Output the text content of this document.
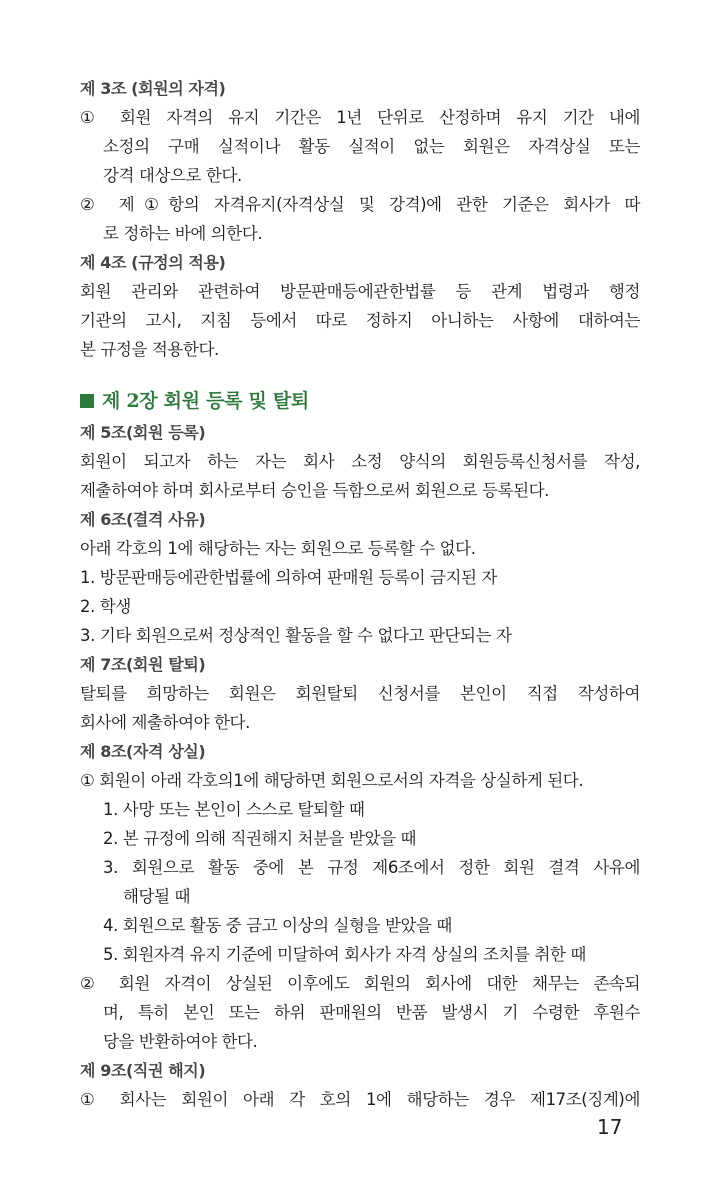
제 3조 (회원의 자격)
① 회원 자격의 유지 기간은 1년 단위로 산정하며 유지 기간 내에
소정의 구매 실적이나 활동 실적이 없는 회원은 자격상실 또는
강격 대상으로 한다.
② 제①항의 자격유지(자격상실 및 강격)에 관한 기준은 회사가 따
로 정하는 바에 의한다.
제 4조 (규정의 적용)
회원 관리와 관련하여 방문판매등에관한법률 등 관계 법령과 행정
기관의 고시, 지침 등에서 따로 정하지 아니하는 사항에 대하여는
본 규정을 적용한다.
제 2장 회원 등록 및 탈퇴
제 5조(회원 등록)
회원이 되고자 하는 자는 회사 소정 양식의 회원등록신청서를 작성,
제출하여야 하며 회사로부터 승인을 득함으로써 회원으로 등록된다.
제 6조(결격 사유)
아래 각호의 1에 해당하는 자는 회원으로 등록할 수 없다.
1. 방문판매등에관한법률에 의하여 판매원 등록이 금지된 자
2. 학생
3. 기타 회원으로써 정상적인 활동을 할 수 없다고 판단되는 자
제 7조(회원 탈퇴)
탈퇴를 희망하는 회원은 회원탈퇴 신청서를 본인이 직접 작성하여
회사에 제출하여야 한다.
제 8조(자격 상실)
① 회원이 아래 각호의1에 해당하면 회원으로서의 자격을 상실하게 된다.
1. 사망 또는 본인이 스스로 탈퇴할 때
2. 본 규정에 의해 직권해지 처분을 받았을 때
3. 회원으로 활동 중에 본 규정 제6조에서 정한 회원 결격 사유에
해당될 때
4. 회원으로 활동 중 금고 이상의 실형을 받았을 때
5. 회원자격 유지 기준에 미달하여 회사가 자격 상실의 조치를 취한 때
② 회원 자격이 상실된 이후에도 회원의 회사에 대한 채무는 존속되
며, 특히 본인 또는 하위 판매원의 반품 발생시 기 수령한 후원수
당을 반환하여야 한다.
제 9조(직권 해지)
① 회사는 회원이 아래 각 호의 1에 해당하는 경우 제17조(징계)에
17
